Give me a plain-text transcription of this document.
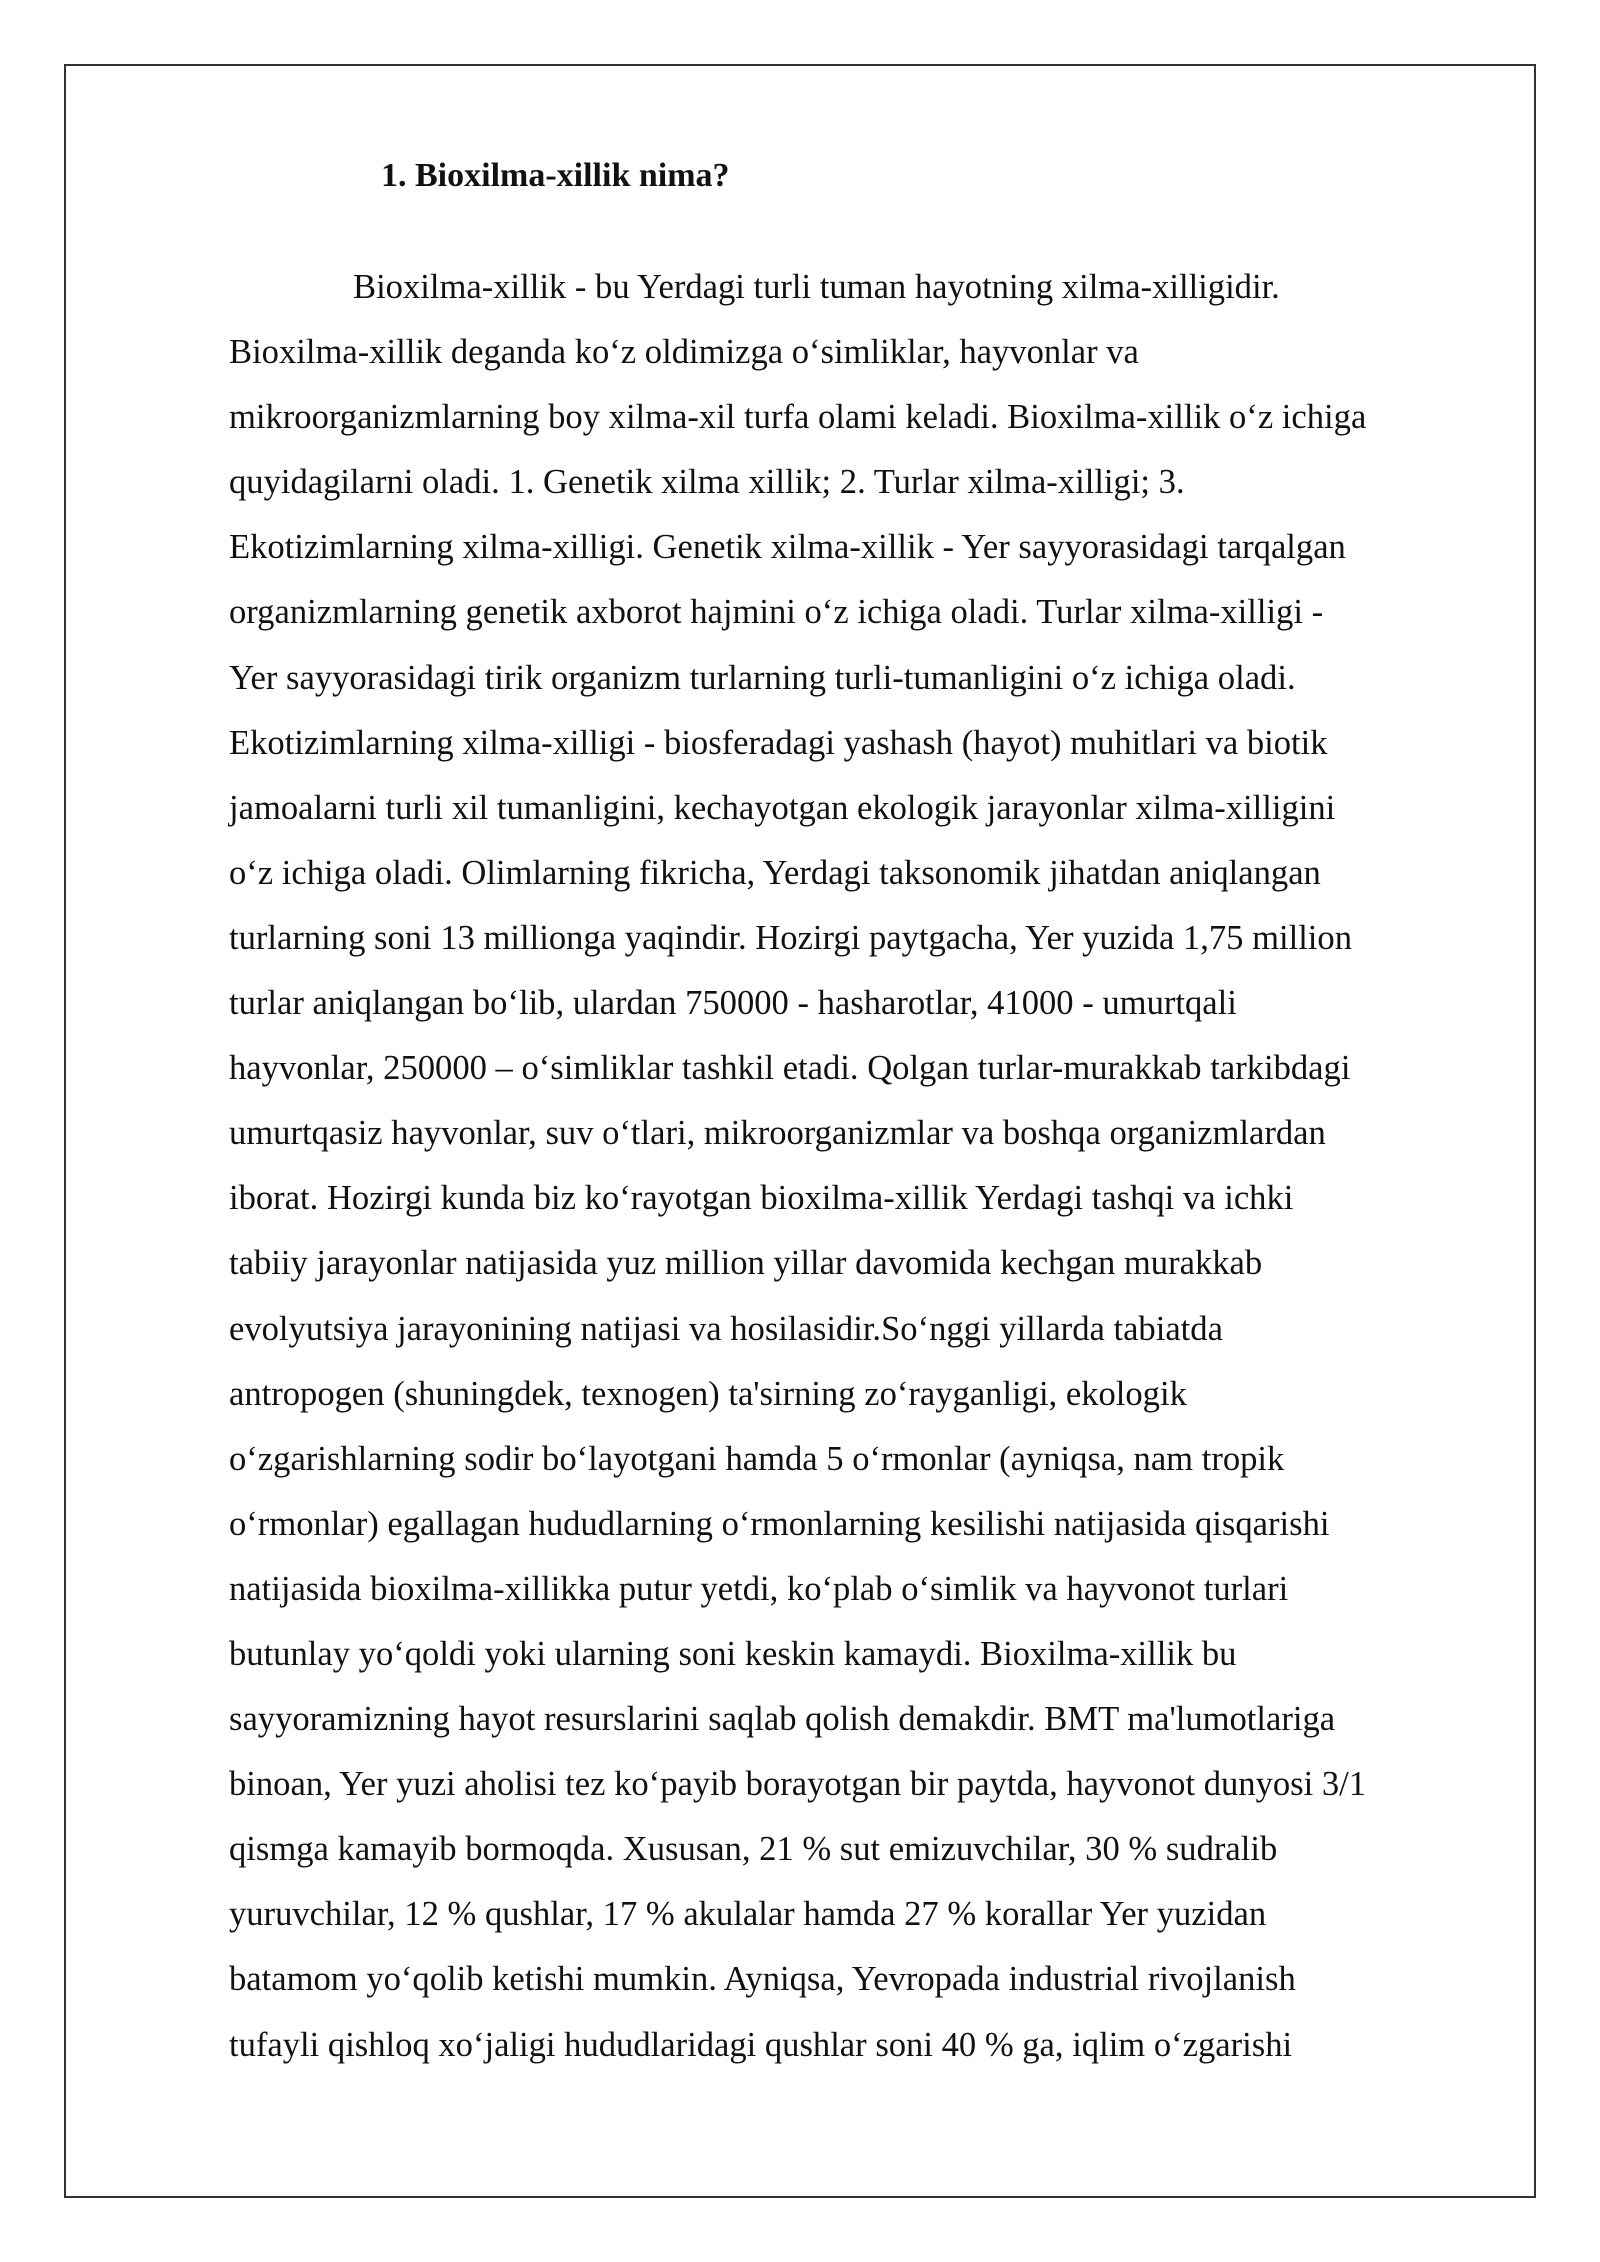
1. Bioxilma-xillik nima?
Bioxilma-xillik - bu Yerdagi turli tuman hayotning xilma-xilligidir.
Bioxilma-xillik deganda ko‘z oldimizga o‘simliklar, hayvonlar va
mikroorganizmlarning boy xilma-xil turfa olami keladi. Bioxilma-xillik o‘z ichiga
quyidagilarni oladi. 1. Genetik xilma xillik; 2. Turlar xilma-xilligi; 3.
Ekotizimlarning xilma-xilligi. Genetik xilma-xillik - Yer sayyorasidagi tarqalgan
organizmlarning genetik axborot hajmini o‘z ichiga oladi. Turlar xilma-xilligi -
Yer sayyorasidagi tirik organizm turlarning turli-tumanligini o‘z ichiga oladi.
Ekotizimlarning xilma-xilligi - biosferadagi yashash (hayot) muhitlari va biotik
jamoalarni turli xil tumanligini, kechayotgan ekologik jarayonlar xilma-xilligini
o‘z ichiga oladi. Olimlarning fikricha, Yerdagi taksonomik jihatdan aniqlangan
turlarning soni 13 millionga yaqindir. Hozirgi paytgacha, Yer yuzida 1,75 million
turlar aniqlangan bo‘lib, ulardan 750000 - hasharotlar, 41000 - umurtqali
hayvonlar, 250000 – o‘simliklar tashkil etadi. Qolgan turlar-murakkab tarkibdagi
umurtqasiz hayvonlar, suv o‘tlari, mikroorganizmlar va boshqa organizmlardan
iborat. Hozirgi kunda biz ko‘rayotgan bioxilma-xillik Yerdagi tashqi va ichki
tabiiy jarayonlar natijasida yuz million yillar davomida kechgan murakkab
evolyutsiya jarayonining natijasi va hosilasidir.So‘nggi yillarda tabiatda
antropogen (shuningdek, texnogen) ta'sirning zo‘rayganligi, ekologik
o‘zgarishlarning sodir bo‘layotgani hamda 5 o‘rmonlar (ayniqsa, nam tropik
o‘rmonlar) egallagan hududlarning o‘rmonlarning kesilishi natijasida qisqarishi
natijasida bioxilma-xillikka putur yetdi, ko‘plab o‘simlik va hayvonot turlari
butunlay yo‘qoldi yoki ularning soni keskin kamaydi. Bioxilma-xillik bu
sayyoramizning hayot resurslarini saqlab qolish demakdir. BMT ma'lumotlariga
binoan, Yer yuzi aholisi tez ko‘payib borayotgan bir paytda, hayvonot dunyosi 3/1
qismga kamayib bormoqda. Xususan, 21 % sut emizuvchilar, 30 % sudralib
yuruvchilar, 12 % qushlar, 17 % akulalar hamda 27 % korallar Yer yuzidan
batamom yo‘qolib ketishi mumkin. Ayniqsa, Yevropada industrial rivojlanish
tufayli qishloq xo‘jaligi hududlaridagi qushlar soni 40 % ga, iqlim o‘zgarishi
